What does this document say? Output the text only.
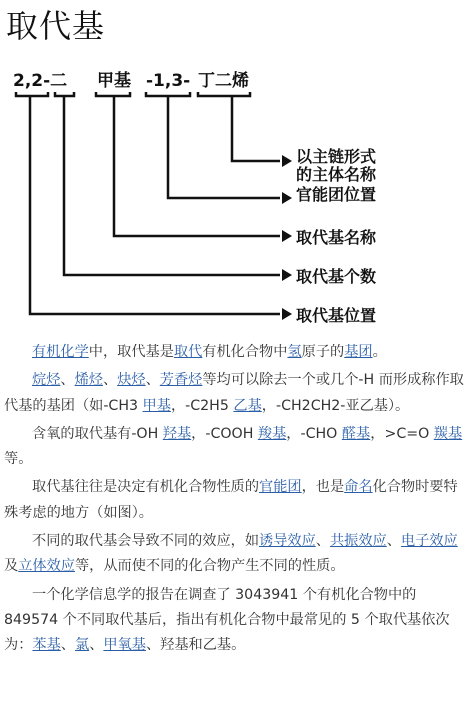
取代基
2,2-二 甲基 -1,3- 丁二烯
以主链形式
的主体名称
官能团位置
取代基名称
取代基个数
取代基位置

有机化学中，取代基是取代有机化合物中氢原子的基团。

烷烃、烯烃、炔烃、芳香烃等均可以除去一个或几个-H 而形成称作取代基的基团（如-CH3 甲基，-C2H5 乙基，-CH2CH2-亚乙基）。

含氧的取代基有-OH 羟基，-COOH 羧基，-CHO 醛基，>C=O 羰基等。

取代基往往是决定有机化合物性质的官能团，也是命名化合物时要特殊考虑的地方（如图）。

不同的取代基会导致不同的效应，如诱导效应、共振效应、电子效应及立体效应等，从而使不同的化合物产生不同的性质。

一个化学信息学的报告在调查了 3043941 个有机化合物中的 849574 个不同取代基后，指出有机化合物中最常见的 5 个取代基依次为：苯基、氯、甲氧基、羟基和乙基。
